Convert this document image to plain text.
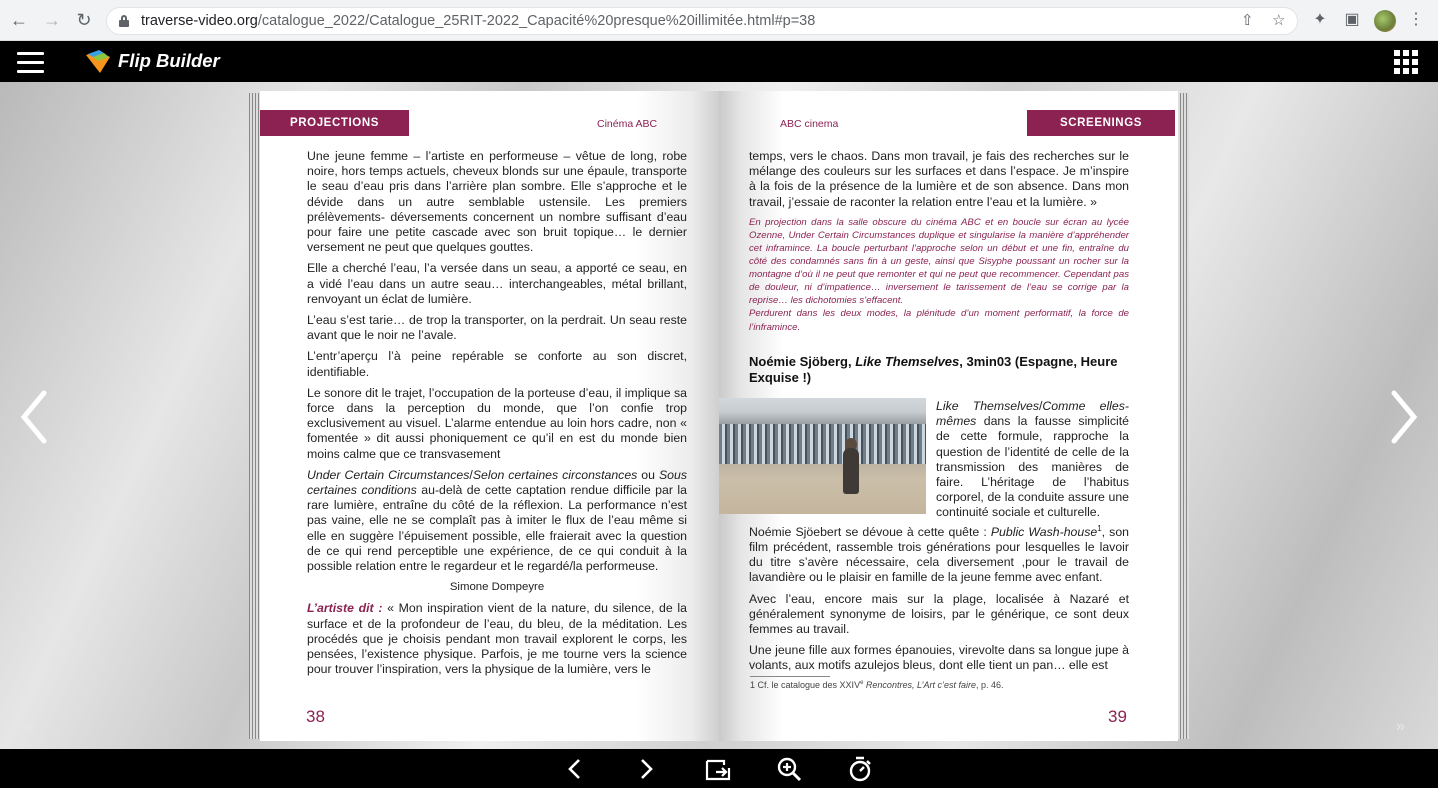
← → ↻	traverse-video.org/catalogue_2022/Catalogue_25RIT-2022_Capacité%20presque%20illimitée.html#p=38	⇧ ☆ ✦ ▣	⋮
Flip Builder
«	»
PROJECTIONS	Cinéma ABC

Une jeune femme – l’artiste en performeuse – vêtue de long, robe noire, hors temps actuels, cheveux blonds sur une épaule, transporte le seau d’eau pris dans l’arrière plan sombre. Elle s’approche et le dévide dans un autre semblable ustensile. Les premiers prélèvements- déversements concernent un nombre suffisant d’eau pour faire une petite cascade avec son bruit topique… le dernier versement ne peut que quelques gouttes.

Elle a cherché l’eau, l’a versée dans un seau, a apporté ce seau, en a vidé l’eau dans un autre seau… interchangeables, métal brillant, renvoyant un éclat de lumière.

L’eau s’est tarie… de trop la transporter, on la perdrait. Un seau reste avant que le noir ne l’avale.

L’entr’aperçu l’à peine repérable se conforte au son discret, identifiable.

Le sonore dit le trajet, l’occupation de la porteuse d’eau, il implique sa force dans la perception du monde, que l’on confie trop exclusivement au visuel. L’alarme entendue au loin hors cadre, non « fomentée » dit aussi phoniquement ce qu’il en est du monde bien moins calme que ce transvasement

Under Certain Circumstances/Selon certaines circonstances ou Sous certaines conditions au-delà de cette captation rendue difficile par la rare lumière, entraîne du côté de la réflexion. La performance n’est pas vaine, elle ne se complaît pas à imiter le flux de l’eau même si elle en suggère l’épuisement possible, elle fraierait avec la question de ce qui rend perceptible une expérience, de ce qui conduit à la possible relation entre le regardeur et le regardé/la performeuse.

Simone Dompeyre

L’artiste dit : « Mon inspiration vient de la nature, du silence, de la surface et de la profondeur de l’eau, du bleu, de la méditation. Les procédés que je choisis pendant mon travail explorent le corps, les pensées, l’existence physique. Parfois, je me tourne vers la science pour trouver l’inspiration, vers la physique de la lumière, vers le

38
ABC cinema	SCREENINGS

temps, vers le chaos. Dans mon travail, je fais des recherches sur le mélange des couleurs sur les surfaces et dans l’espace. Je m’inspire à la fois de la présence de la lumière et de son absence. Dans mon travail, j’essaie de raconter la relation entre l’eau et la lumière. »

En projection dans la salle obscure du cinéma ABC et en boucle sur écran au lycée Ozenne, Under Certain Circumstances duplique et singularise la manière d’appréhender cet inframince. La boucle perturbant l’approche selon un début et une fin, entraîne du côté des condamnés sans fin à un geste, ainsi que Sisyphe poussant un rocher sur la montagne d’où il ne peut que remonter et qui ne peut que recommencer. Cependant pas de douleur, ni d’impatience… inversement le tarissement de l’eau se corrige par la reprise… les dichotomies s’effacent.
Perdurent dans les deux modes, la plénitude d’un moment performatif, la force de l’inframince.
Noémie Sjöberg, Like Themselves, 3min03 (Espagne, Heure Exquise !)

Like Themselves/Comme elles-mêmes dans la fausse simplicité de cette formule, rapproche la question de l’identité de celle de la transmission des manières de faire. L’héritage de l’habitus corporel, de la conduite assure une continuité sociale et culturelle.

Noémie Sjöebert se dévoue à cette quête : Public Wash-house$^1$, son film précédent, rassemble trois générations pour lesquelles le lavoir du titre s’avère nécessaire, cela diversement ,pour le travail de lavandière ou le plaisir en famille de la jeune femme avec enfant.

Avec l’eau, encore mais sur la plage, localisée à Nazaré et généralement synonyme de loisirs, par le générique, ce sont deux femmes au travail.

Une jeune fille aux formes épanouies, virevolte dans sa longue jupe à volants, aux motifs azulejos bleus, dont elle tient un pan… elle est

1 Cf. le catalogue des XXIVe Rencontres, L’Art c’est faire, p. 46.
39
